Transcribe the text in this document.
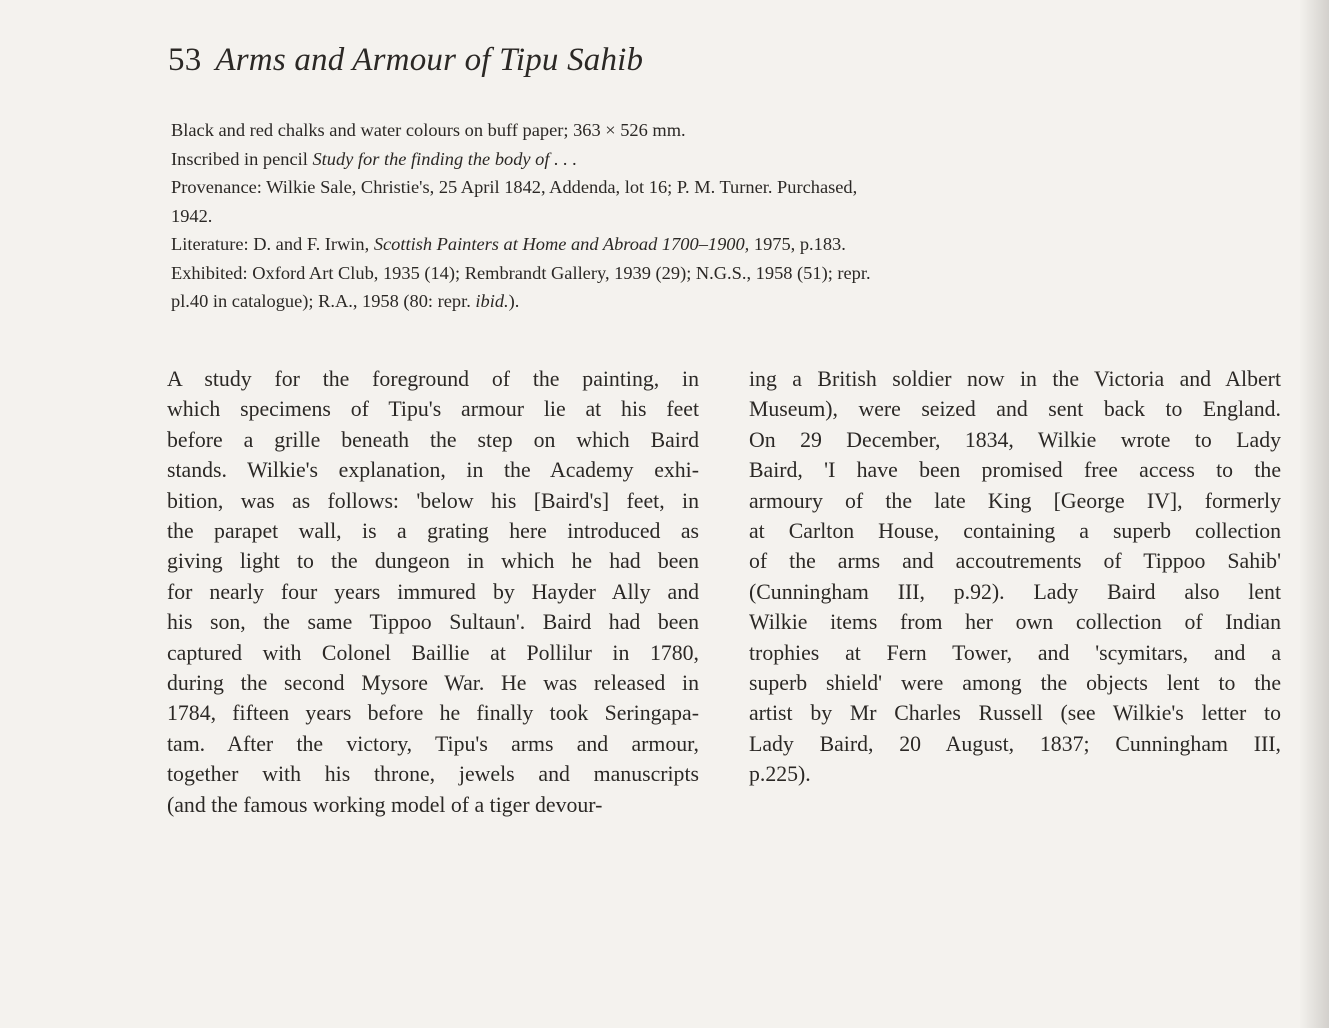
53 Arms and Armour of Tipu Sahib
Black and red chalks and water colours on buff paper; 363 × 526 mm.
Inscribed in pencil Study for the finding the body of . . .
Provenance: Wilkie Sale, Christie's, 25 April 1842, Addenda, lot 16; P. M. Turner. Purchased,
1942.
Literature: D. and F. Irwin, Scottish Painters at Home and Abroad 1700–1900, 1975, p.183.
Exhibited: Oxford Art Club, 1935 (14); Rembrandt Gallery, 1939 (29); N.G.S., 1958 (51); repr.
pl.40 in catalogue); R.A., 1958 (80: repr. ibid.).
A study for the foreground of the painting, in
which specimens of Tipu's armour lie at his feet
before a grille beneath the step on which Baird
stands. Wilkie's explanation, in the Academy exhi-
bition, was as follows: 'below his [Baird's] feet, in
the parapet wall, is a grating here introduced as
giving light to the dungeon in which he had been
for nearly four years immured by Hayder Ally and
his son, the same Tippoo Sultaun'. Baird had been
captured with Colonel Baillie at Pollilur in 1780,
during the second Mysore War. He was released in
1784, fifteen years before he finally took Seringapa-
tam. After the victory, Tipu's arms and armour,
together with his throne, jewels and manuscripts
(and the famous working model of a tiger devour-
ing a British soldier now in the Victoria and Albert
Museum), were seized and sent back to England.
On 29 December, 1834, Wilkie wrote to Lady
Baird, 'I have been promised free access to the
armoury of the late King [George IV], formerly
at Carlton House, containing a superb collection
of the arms and accoutrements of Tippoo Sahib'
(Cunningham III, p.92). Lady Baird also lent
Wilkie items from her own collection of Indian
trophies at Fern Tower, and 'scymitars, and a
superb shield' were among the objects lent to the
artist by Mr Charles Russell (see Wilkie's letter to
Lady Baird, 20 August, 1837; Cunningham III,
p.225).
